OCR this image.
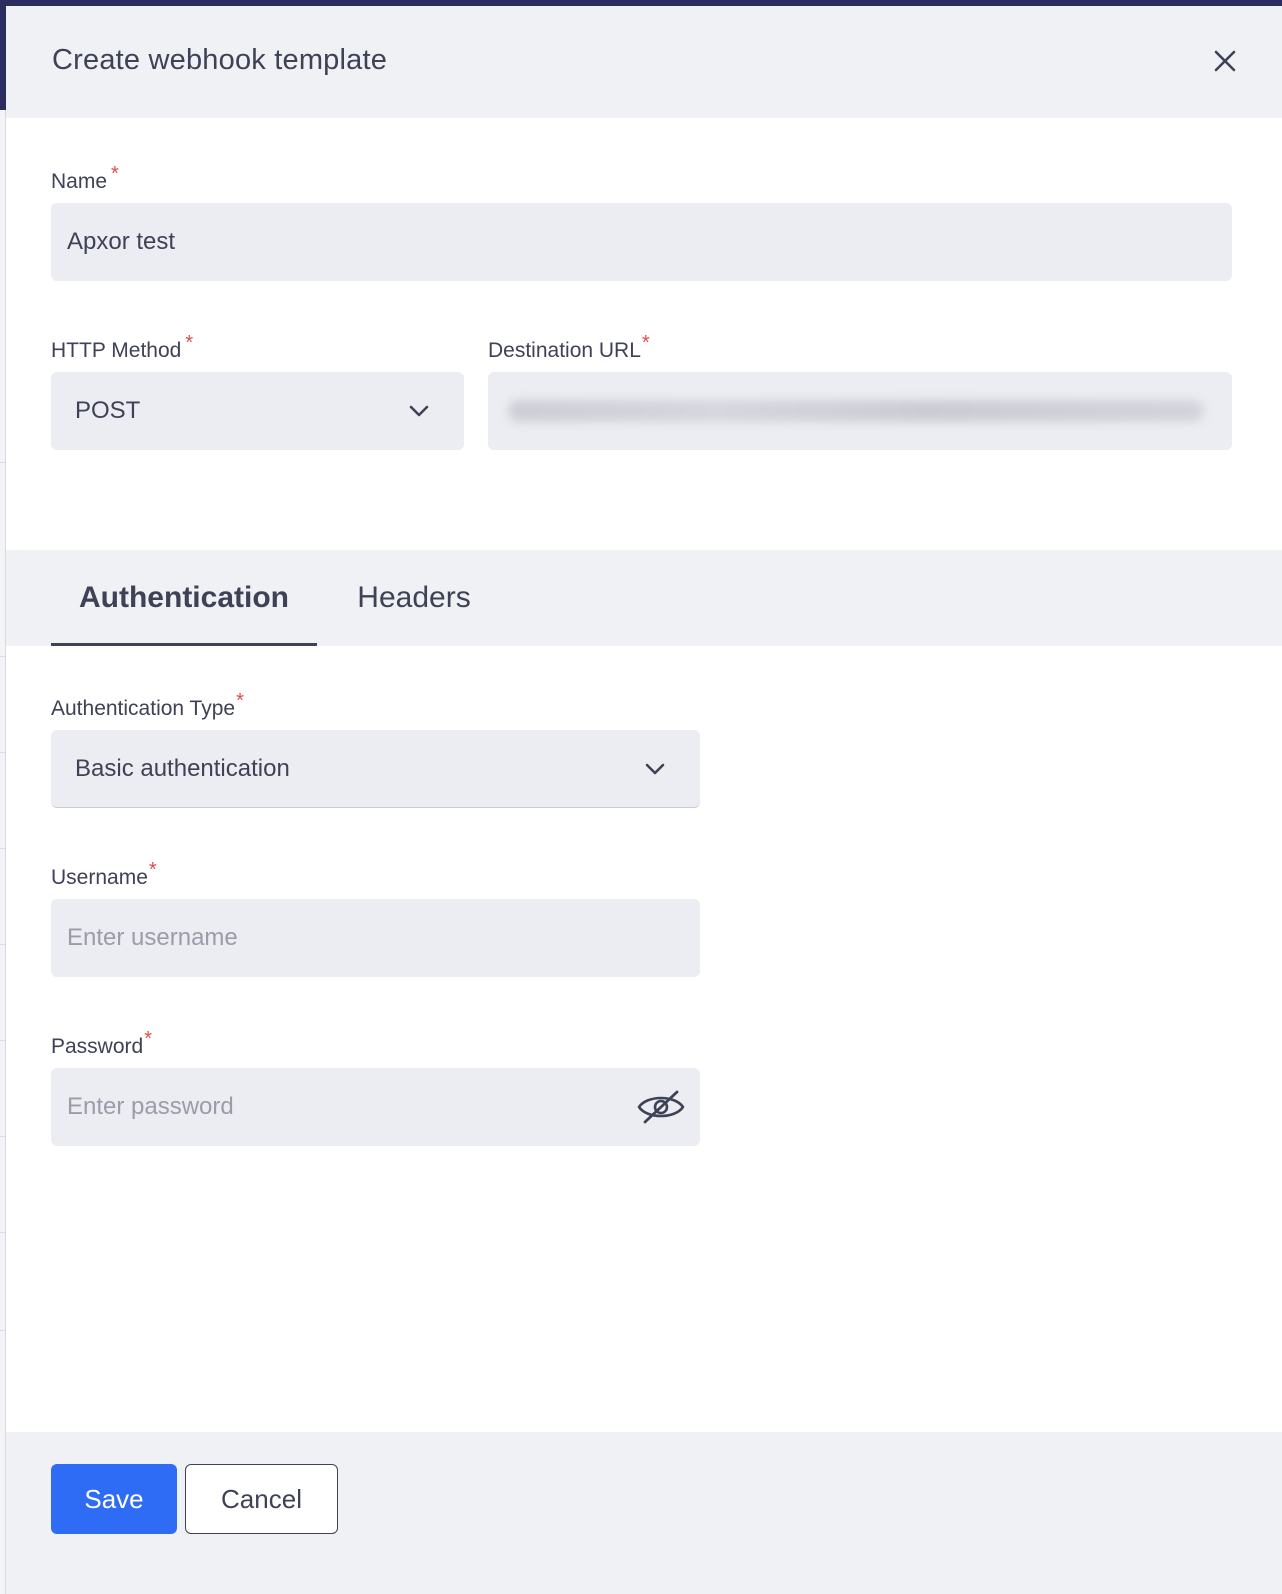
Create webhook template
Name *
Apxor test
HTTP Method *
POST
Destination URL*
Authentication Headers
Authentication Type*
Basic authentication
Username*
Enter username
Password*
Save	Cancel
